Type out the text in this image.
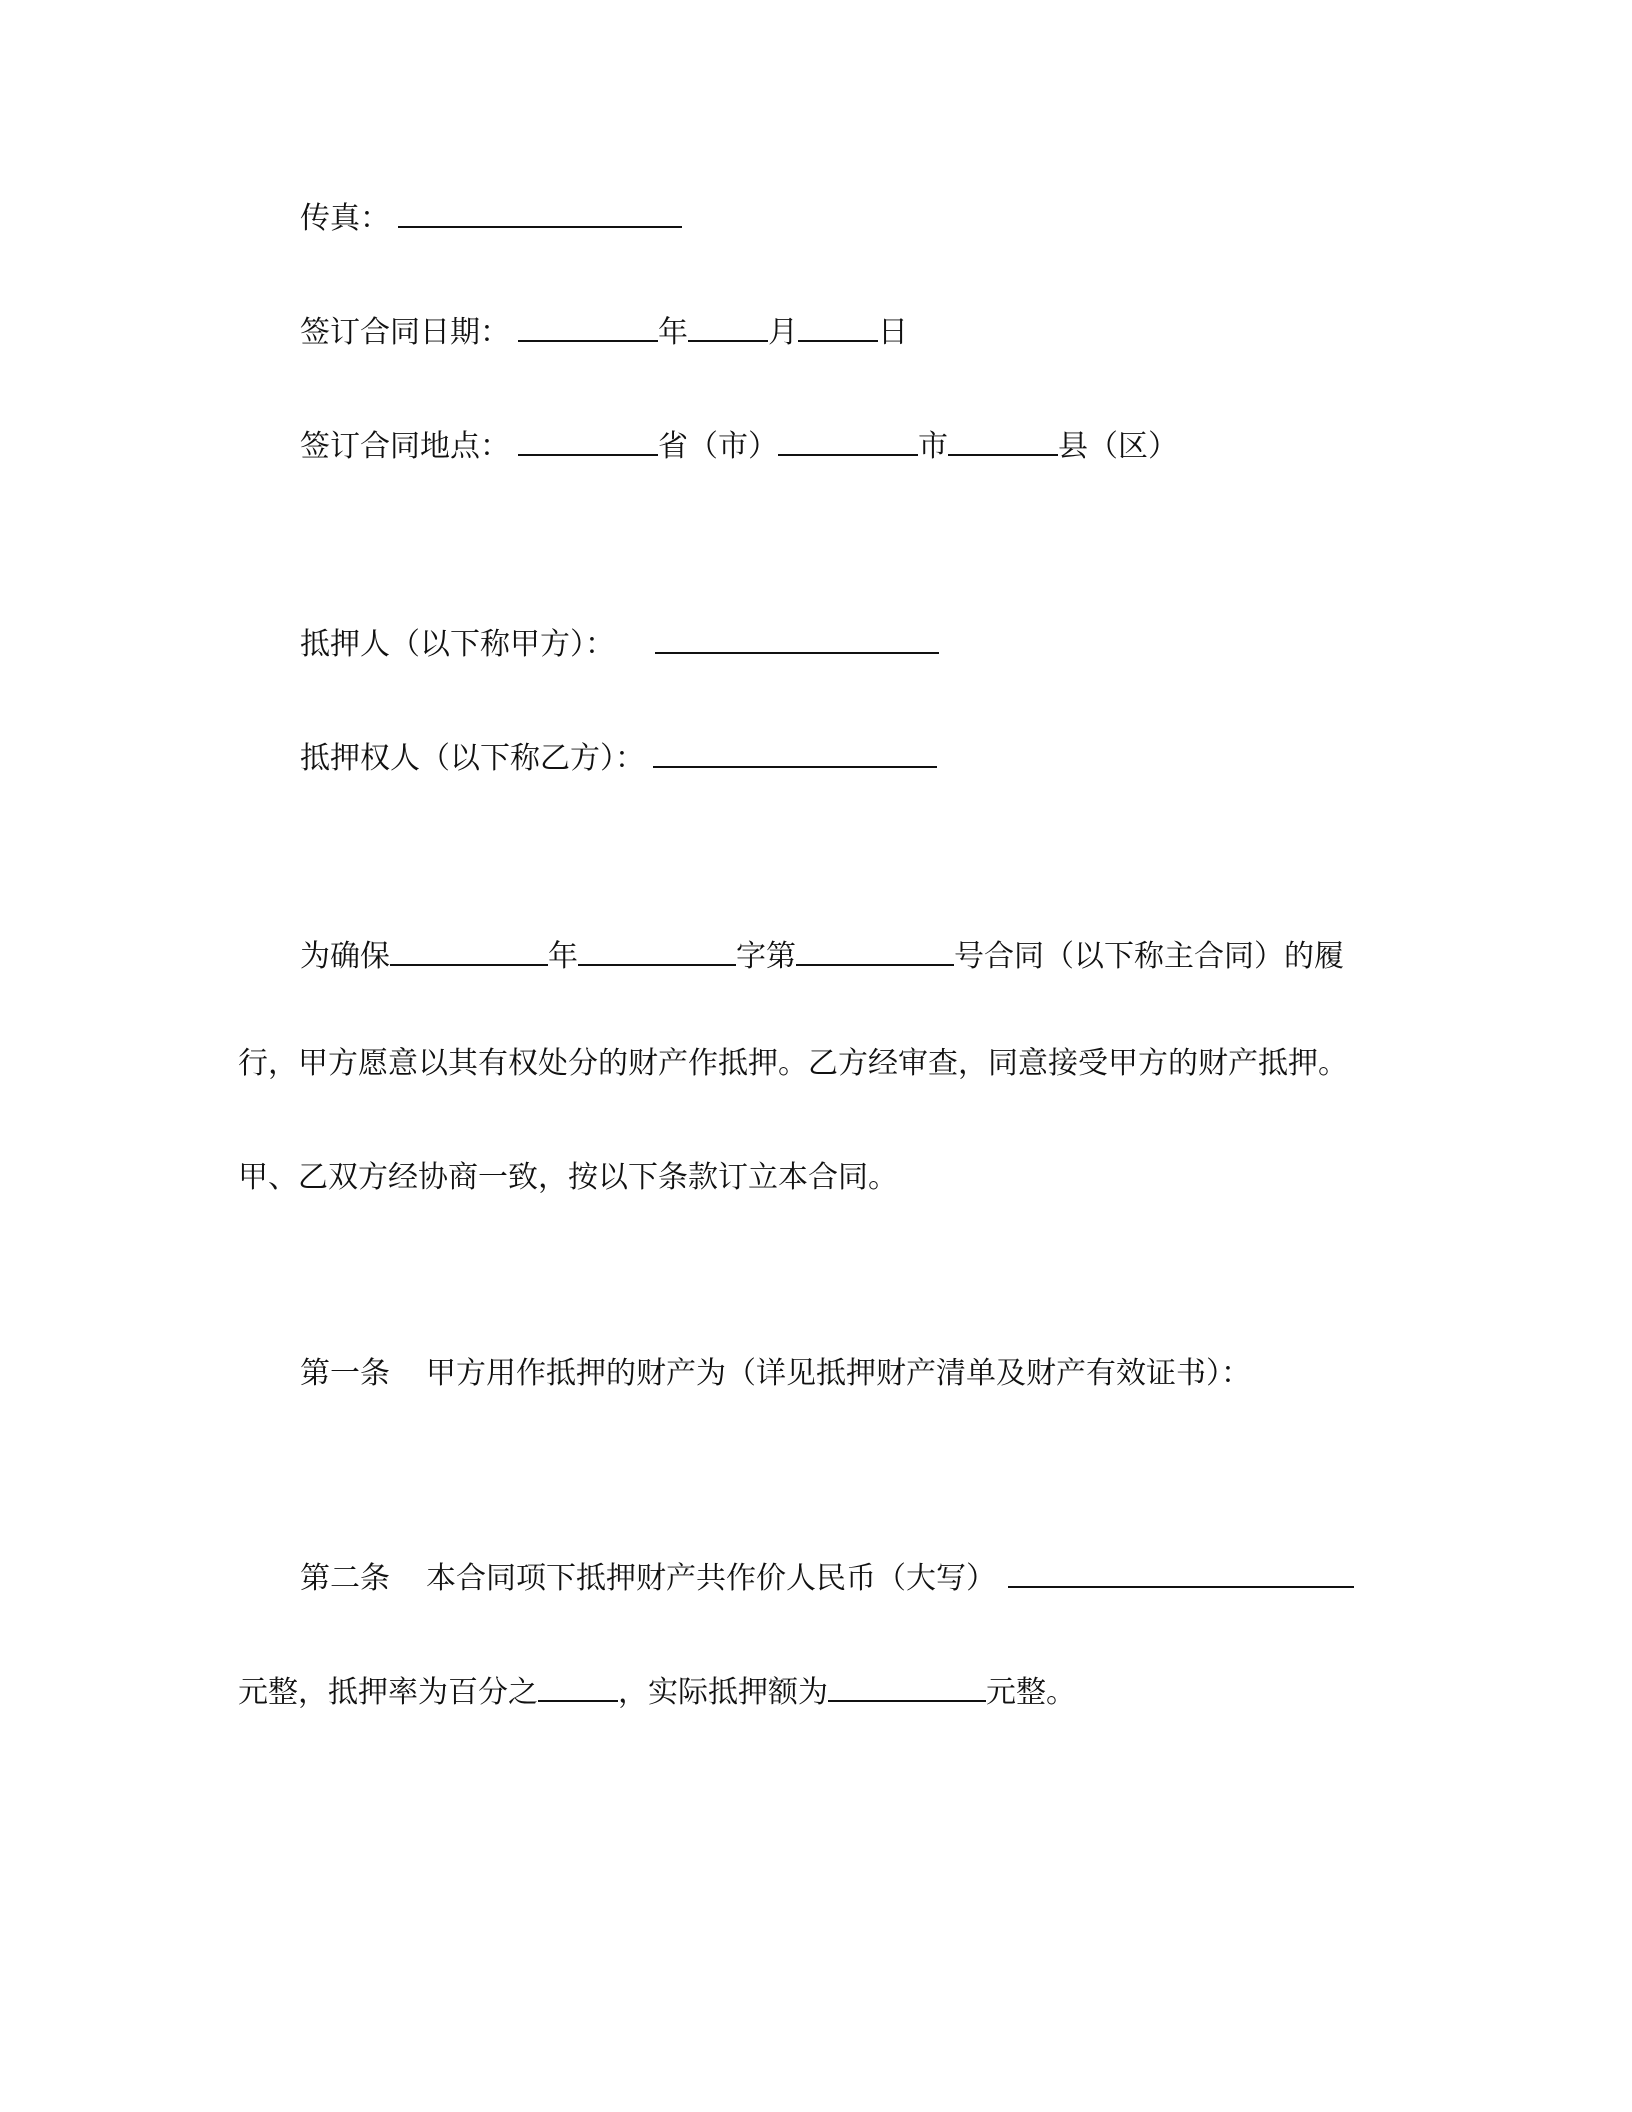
传真：
签订合同日期：	年	月	日
签订合同地点：	省（市）	市	县（区）
抵押人（以下称甲方）：
抵押权人（以下称乙方）：
为确保	年	字第	号合同（以下称主合同）的履
行，甲方愿意以其有权处分的财产作抵押。乙方经审查，同意接受甲方的财产抵押。
甲、乙双方经协商一致，按以下条款订立本合同。
第一条 甲方用作抵押的财产为（详见抵押财产清单及财产有效证书）：
第二条 本合同项下抵押财产共作价人民币（大写）
元整，抵押率为百分之	，实际抵押额为	元整。
